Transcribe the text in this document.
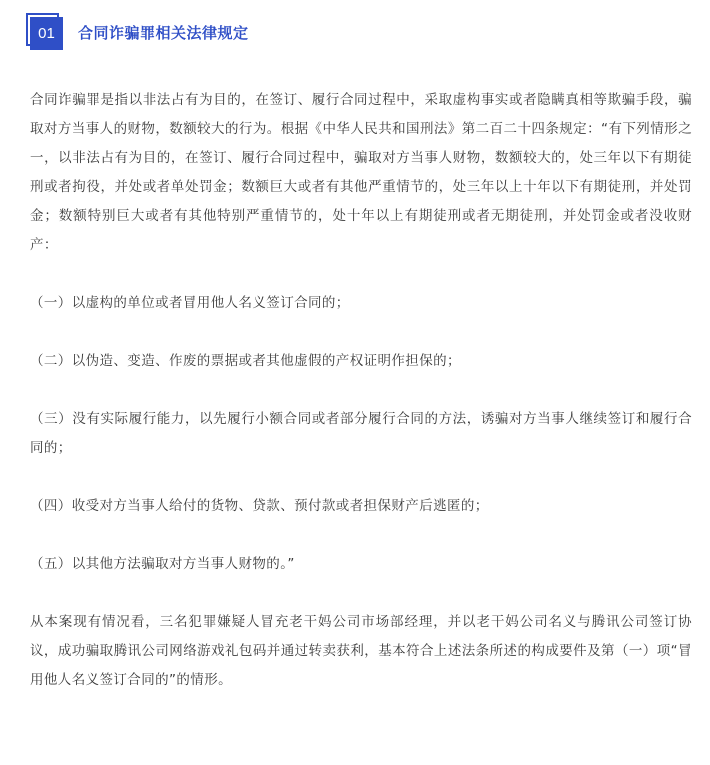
01	合同诈骗罪相关法律规定

合同诈骗罪是指以非法占有为目的，在签订、履行合同过程中，采取虚构事实或者隐瞒真相等欺骗手段，骗取对方当事人的财物，数额较大的行为。根据《中华人民共和国刑法》第二百二十四条规定：“有下列情形之一，以非法占有为目的，在签订、履行合同过程中，骗取对方当事人财物，数额较大的，处三年以下有期徒刑或者拘役，并处或者单处罚金；数额巨大或者有其他严重情节的，处三年以上十年以下有期徒刑，并处罚金；数额特别巨大或者有其他特别严重情节的，处十年以上有期徒刑或者无期徒刑，并处罚金或者没收财产：

（一）以虚构的单位或者冒用他人名义签订合同的；

（二）以伪造、变造、作废的票据或者其他虚假的产权证明作担保的；

（三）没有实际履行能力，以先履行小额合同或者部分履行合同的方法，诱骗对方当事人继续签订和履行合同的；

（四）收受对方当事人给付的货物、贷款、预付款或者担保财产后逃匿的；

（五）以其他方法骗取对方当事人财物的。”

从本案现有情况看，三名犯罪嫌疑人冒充老干妈公司市场部经理，并以老干妈公司名义与腾讯公司签订协议，成功骗取腾讯公司网络游戏礼包码并通过转卖获利，基本符合上述法条所述的构成要件及第（一）项“冒用他人名义签订合同的”的情形。
